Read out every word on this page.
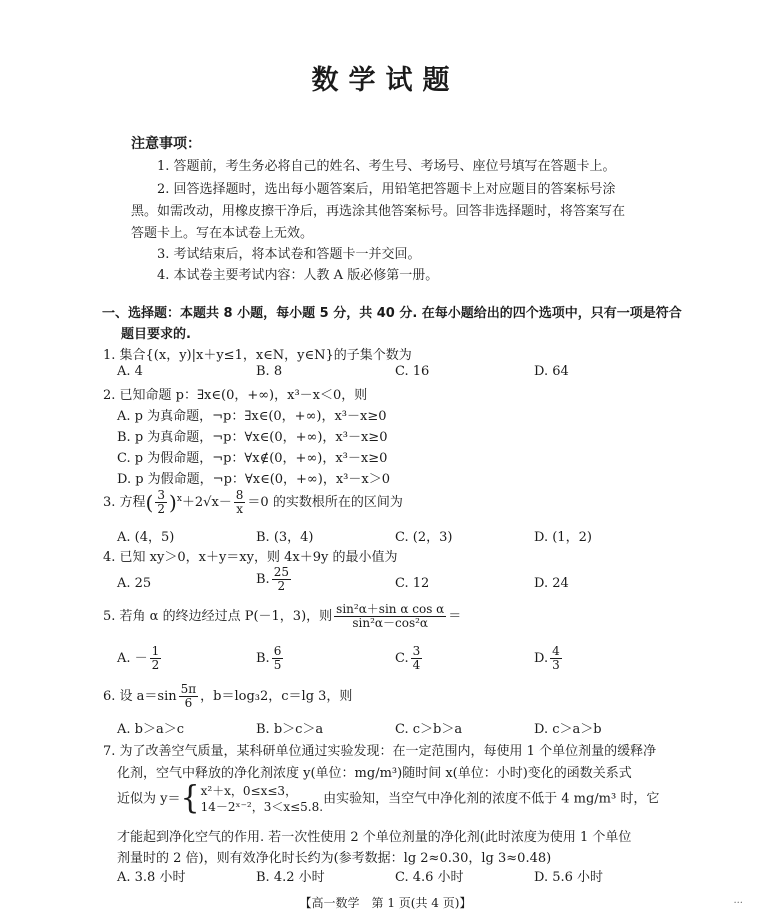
数学试题
注意事项：
1. 答题前，考生务必将自己的姓名、考生号、考场号、座位号填写在答题卡上。
2. 回答选择题时，选出每小题答案后，用铅笔把答题卡上对应题目的答案标号涂
黑。如需改动，用橡皮擦干净后，再选涂其他答案标号。回答非选择题时，将答案写在
答题卡上。写在本试卷上无效。
3. 考试结束后，将本试卷和答题卡一并交回。
4. 本试卷主要考试内容：人教 A 版必修第一册。
一、选择题：本题共 8 小题，每小题 5 分，共 40 分. 在每小题给出的四个选项中，只有一项是符合
题目要求的.
1. 集合{(x，y)|x＋y≤1，x∈N，y∈N}的子集个数为
A. 4	B. 8	C. 16	D. 64
2. 已知命题 p：∃x∈(0，+∞)，x³－x＜0，则
A. p 为真命题，¬p：∃x∈(0，+∞)，x³－x≥0
B. p 为真命题，¬p：∀x∈(0，+∞)，x³－x≥0
C. p 为假命题，¬p：∀x∉(0，+∞)，x³－x≥0
D. p 为假命题，¬p：∀x∈(0，+∞)，x³－x＞0
3. 方程( $\frac{3}{2} )^x+2√x- \frac{8}{x} =0$ 的实数根所在的区间为
A. (4，5)	B. (3，4)	C. (2，3)	D. (1，2)
4. 已知 xy＞0，x＋y＝xy，则 4x＋9y 的最小值为
A. 25	B. $\frac{25}{2}$	C. 12	D. 24
5. 若角 α 的终边经过点 P(－1，3)，则 $\frac{\text{sin²α＋sin α cos α}}{\text{sin²α－cos²α}}$ ＝
A. － $\frac{1}{2}$	B. $\frac{6}{5}$	C. $\frac{3}{4}$	D. $\frac{4}{3}$
6. 设 $a=\sin \frac{5\pi}{6}$ ，b＝log₃2，c＝lg 3，则
A. b＞a＞c	B. b＞c＞a	C. c＞b＞a	D. c＞a＞b
7. 为了改善空气质量，某科研单位通过实验发现：在一定范围内，每使用 1 个单位剂量的缓释净
化剂，空气中释放的净化剂浓度 y(单位：mg/m³)随时间 x(单位：小时)变化的函数关系式
近似为 y＝{ x²＋x，0≤x≤3，
14－2ˣ⁻²，3＜x≤5.8.
由实验知，当空气中净化剂的浓度不低于 4 mg/m³ 时，它
才能起到净化空气的作用. 若一次性使用 2 个单位剂量的净化剂(此时浓度为使用 1 个单位
剂量时的 2 倍)，则有效净化时长约为(参考数据：lg 2≈0.30，lg 3≈0.48)
A. 3.8 小时	B. 4.2 小时	C. 4.6 小时	D. 5.6 小时
【高一数学　第 1 页(共 4 页)】	...
